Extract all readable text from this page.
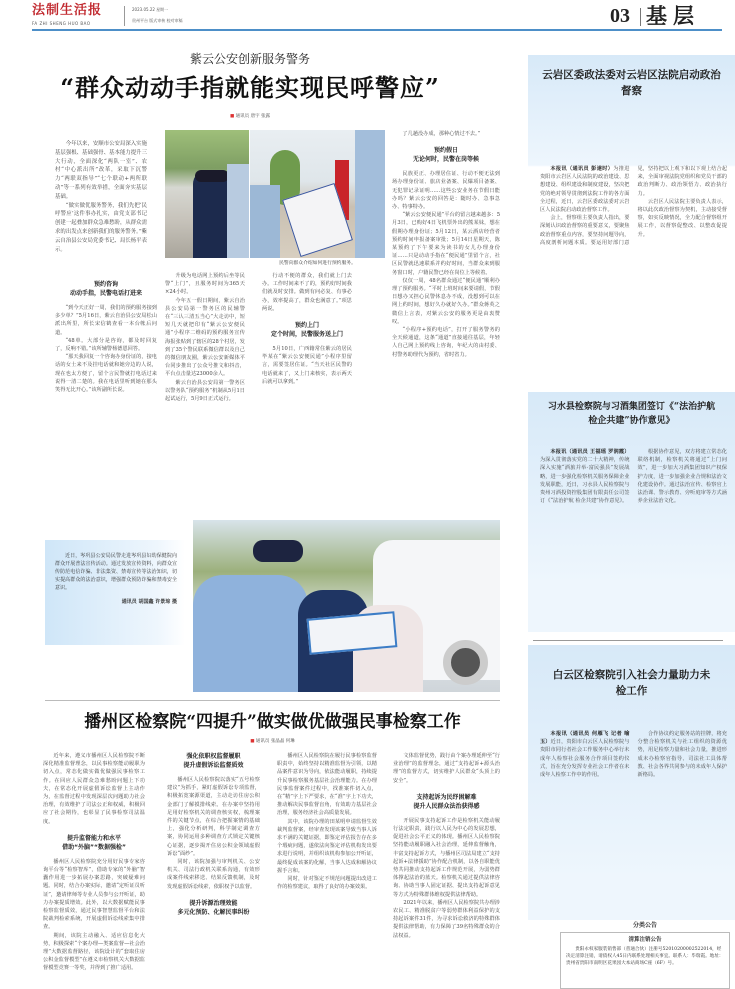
法制生活报
FA ZHI SHENG HUO BAO
2023.05.22 星期一
贵州平台 版式审核 校对审稿	03 基层
紫云公安创新服务警务
“群众动动手指就能实现民呼警应”
■ 通讯员 唐宇 张露

今年以来，安顺市公安局深入实施基层强根、基础强骨、基本能力提升三大行动，全面深化“两队一室”、农村“中心派出所”改革，采取下沉警力“两联双指导”“七个联动+两所联动”等一系列有效举措，全面夯实基层基础。

“做实做优服务警务，我们先把‘民呼警应’这件事办扎实，由党支部书记创建一起叠加群众急难愁盼，从群众需求的出发点来创新我们的服务警务。”紫云自治县公安局党委书记、局长杨平表示。

民警向群众介绍如何进行预约服务。
预约咨询
动动手指，民警电话打进来

“到今天正好一周，我们的预约服务接到多少单？”5月16日，紫云自治县公安局松山派出所里，所长宋信鹤查看一本台帐后问道。

“48单。大部分是咨询，都及时回复了，反响不错。”该所辅警杨德恩回答。

“那天我回复一个咨询办身份证的，接电话的女士来不及挂电话就和她旁边的人说，现在也太方便了，留个言民警就打电话过来说得一清二楚的。我在电话里听到她在那头笑得无比开心。”该所副所长说。

升级为电话网上预约后坐等民警“上门”，且服务时间为365天×24小时。

今年五一假日期间，紫云自治县公安局第一警务区的民辅警在“三认三清五当心”大走访中，短短几天就把印有“紫云公安便民通”小程序二维码的预约服务宣传海报张贴到了辖区的28个村居，发到了35个警民联系微信群以及自己的微信朋友圈，紫云公安新媒体平台同步推出了公众号推文和抖音，平台点击量达23000余人。

紫云自治县公安局第一警务区以警务队“预约服务”机制从5月1日起试运行，5月9日正式运行。

行动不便的群众，我们就上门去办。工作时间来不了的，预约好时间我们就及时安排。做到有问必复、有事必办，效率提高了，群众也满意了。”项思两说。

预约上门
定个时间，民警服务送上门

5月10日，广西籍常住紫云的居民毕某在“紫云公安便民通”小程序里留言，需要签居住证。“当天社区民警的电话就来了，又上门来核实，表示两天后就可以拿到。”

了几趟没办成，那种心情过不去。”

预约假日
无论何时，民警在岗等候

民族更正、办理居住证、行动不便无法到场办理身份证、旅店业备案、民爆项目备案、无犯罪记录证明……这些公安业务在节假日能办吗？紫云公安的回答是：随时办、急事急办、特事特办。

“紫云公安便民通”平台的留言越来越多：5月3日，已购好4日飞机票外出的熊某妹，想在假期办理身份证；5月12日，某云酒店经营者预约时间申报备案审批；5月14日星期天，陈某预约了下午要来为读书的女儿办理身份证……只是动动手指在“便民通”里留个言，社区民警就迅速联系并约好时间，当群众来到服务窗口时，户籍民警已经在岗位上等候着。

仅仅一周，48名群众通过“便民通”顺利办理了预约服务。“平时上班时间来要请假，节假日想办又担心民警休息办不成，没想到可以在网上约时间，想好久办就好久办。”群众蒋英之微信上言表，对紫云公安的服务更是由衷赞叹。

“小程序+预约电话”，打开了服务警务的全天候通道，这条“通道”直接通往基层，年轻人自己网上预约线上咨询，年纪大的由村委、村警务助理代为预约，省时省力。

近日，岑巩县公安局民警走进岑巩县妇幼保健院向群众开展普法宣传活动。通过发放宣传资料，向群众宣传防范电信诈骗、非法集资、禁毒宣传等法治知识，切实提高群众的法治意识，增强群众预防诈骗和禁毒安全意识。
通讯员 胡国鑫 许景琮 摄
播州区检察院“四提升”做实做优做强民事检察工作
■ 通讯员 张晶晶 何琳

近年来，遵义市播州区人民检察院不断深化精准监督理念，以民事检察能动履职为切入点，常态化做实做优做强民事检察工作。在回应人民群众急难愁盼问题上下功夫，在常态化开展虚假诉讼监督上主动作为，在监督过程中发现深层次问题助力社会治理，有效维护了司法公正和权威，积极回应了社会期待，也彰显了民事检察司法温度。

提升监督能力和水平
借助“外脑”“数据强检”

播州区人民检察院充分用好民事专家咨询平台等“检察智库”，借助专家的“外脑”智囊作用进一步拓展办案思路，突破疑难问题。同时，结合办案实际，邀请“定听证员听证”，邀请律师等专业人员参与公开听证，助力办案提质增效。此外，以大数据赋能民事检察监督质效，通过民事智慧监督平台和法院裁判检索系统，开展虚假诉讼线索集中排查。

期间，该院主动融入、适应信息化大势，积极探索“个案办理—类案监督—社会治理”大数据监督路径，该院设计的“套取住房公积金监督模型”在遵义市检察机关大数据监督模型竞赛一等奖，并得到了推广适用。

强化依职权监督履职
提升虚假诉讼监督质效

播州区人民检察院以落实“五号检察建议”为抓手，紧盯虚假诉讼专项监督，积极拓宽案源渠道，主动走访住房公积金部门了解摸排线索。在办案中坚持用足用好检察机关的调查核实权，梳理案件的关键节点，在综合把握案情的基础上，强化分析研判，科学制定调查方案，协同运用多种调查方式锁定关键核心证据，逐步揭开住房公积金领域虚假诉讼“面纱”。

同时，该院加强与审判机关、公安机关、司法行政机关联系沟通，有效形成案件线索移送、结果反馈机制，及时发现虚假诉讼线索，依职权予以监督。

提升诉源治理效能
多元化预防、化解民事纠纷

播州区人民检察院在履行民事检察监督职责中，始终坚持以精准监督为引领，以精品案件意识为导向，依法能动履职，持续提升民事检察服务基层社会治理能力。在办理民事监督案件过程中，找准案件切入点，在“精”字上下严要求，在“准”字上下功夫，推动解决民事监督盲角，有效助力基层社会治理，服务经济社会高质量发展。

其中，该院办理的田某明申请监督生效裁判监督案，经审查发现该案导致当事人诉求不满的关键证据，即鉴定评估报告存在多个瑕疵问题，遂依法向鉴定评估机构发出要求进行说明，并组织该机构参加公开听证，最终促成该案的化解，当事人达成和解协议握手言和。

同时，针对鉴定不规范问题提出改进工作的检察建议，取得了良好的办案效果。

文体监督优势，践行由个案办理延伸至“行业治理”的监督理念，通过“支持起诉+源头治理”的监督方式，切实维护人民群众“头顶上的安全”。

支持起诉为民纾困解难
提升人民群众法治获得感

开展民事支持起诉工作是检察机关能动履行法定职责，践行以人民为中心的发展思想，促进社会公平正义的体现。播州区人民检察院坚持能动履职融入社会治理，延伸监督触角，丰富支持起诉方式，与播州区司法局建立“支持起诉+法律援助”协作配合机制，以各自职能优势共同推动支持起诉工作规范开展，为弱势群体撑起法治的蓝天。检察机关通过提供法律咨询、协助当事人固定证据、提出支持起诉意见等方式为特殊群体维权提供法律帮助。

2021年以来，播州区人民检察院共办理涉农民工、精准脱贫户等弱势群体利益保护的支持起诉案件31件，为寻求诉讼救济的特殊群体提供法律帮助，有力保障了39名特殊群众的合法权益。

云岩区委政法委对云岩区法院启动政治督察

本报讯（通讯员 彭達时）为推进贵阳市云岩区人民法院的政治建设、思想建设、组织建设和制度建设，坚决把党的绝对领导贯彻到法院工作的各方面全过程，近日，云岩区委政法委对云岩区人民法院启动政治督察工作。

会上，督察组主要负责人指出，要深刻认识政治督察的重要意义，要聚焦政治督察重点内容，要坚持问题导向，高度剖析问题本质。要运用好部门意见，坚持把以上观下和以下观上结合起来，全面审视法院党组织和党员干部的政治判断力、政治领悟力、政治执行力。

云岩区人民法院主要负责人表示，将以此次政治督察为契机，主动接受督察，如实反映情况，全力配合督察组开展工作，以督察促整改、以整改促提升。

习水县检察院与习酒集团签订《“法治护航 检企共建”协作意见》

本报讯（通讯员 王福瑶 罗润霞）为深入贯彻落实党的二十大精神，传统深入实施“酒旅并举·富民强县”发展战略，进一步强化检察机关服务保障企业发展职能，近日，习水县人民检察院与贵州习酒投资控股集团有限责任公司签订《“法治护航 检企共建”协作意见》。

根据协作意见，双方将建立常态化联络机制，检察机关将通过“上门问效”，进一步加大习酒集团知识产权保护力度，进一步加强企业合规和法治文化建设协作。通过法治宣传、检察官上法治课、警示教育、旁听庭审等方式涵养企业法治文化。

白云区检察院引入社会力量助力未检工作

本报讯（通讯员 何雁飞 记者 喻玉）近日，贵阳市白云区人民检察院与贵阳市同行者社会工作服务中心举行未成年人检察社会服务合作项目签约仪式，旨在充分发挥专业社会工作者在未成年人检察工作中的作用。

合作协议约定服务站的挂牌，将充分整合检察机关与社工组织的资源优势，用足检察力量和社会力量，推进形成未办检察官指导、司法社工具体帮教、社会各界共同参与的未成年人保护新格局。

分类公告
清算注销公告
贵阳永权家服装销售部（普通合伙）注册号52010200002522014，经决定清算注销，请债权人45日内联系处理相关事宜。联系人：毕瑞霞。地址：贵州省贵阳市南明区花果园大本站商场C座（6F）号。
